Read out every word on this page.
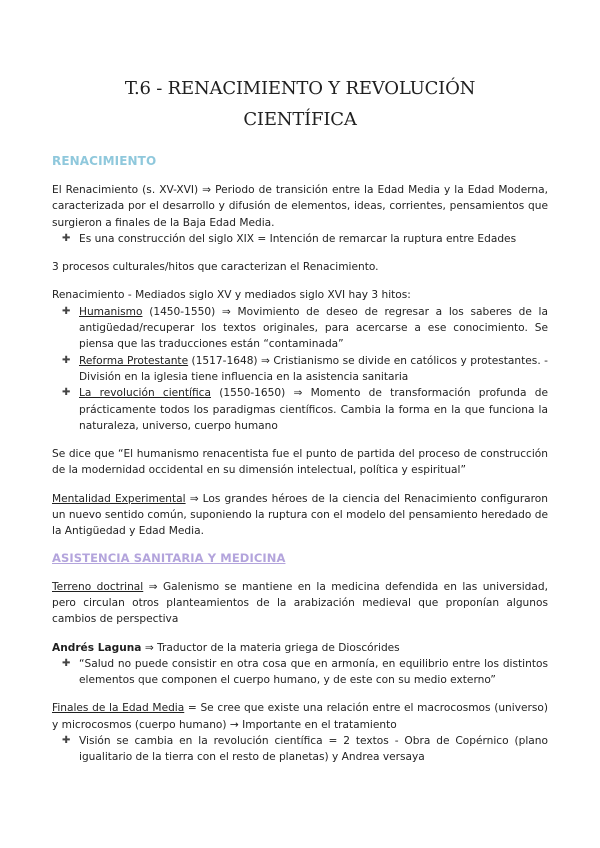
T.6 - RENACIMIENTO Y REVOLUCIÓN
CIENTÍFICA
RENACIMIENTO

El Renacimiento (s. XV-XVI) ⇒ Periodo de transición entre la Edad Media y la Edad Moderna, caracterizada por el desarrollo y difusión de elementos, ideas, corrientes, pensamientos que surgieron a finales de la Baja Edad Media.

✚ Es una construcción del siglo XIX = Intención de remarcar la ruptura entre Edades

3 procesos culturales/hitos que caracterizan el Renacimiento.

Renacimiento - Mediados siglo XV y mediados siglo XVI hay 3 hitos:

✚ Humanismo (1450-1550) ⇒ Movimiento de deseo de regresar a los saberes de la antigüedad/recuperar los textos originales, para acercarse a ese conocimiento. Se piensa que las traducciones están “contaminada”
✚ Reforma Protestante (1517-1648) ⇒ Cristianismo se divide en católicos y protestantes. - División en la iglesia tiene influencia en la asistencia sanitaria
✚ La revolución científica (1550-1650) ⇒ Momento de transformación profunda de prácticamente todos los paradigmas científicos. Cambia la forma en la que funciona la naturaleza, universo, cuerpo humano

Se dice que “El humanismo renacentista fue el punto de partida del proceso de construcción de la modernidad occidental en su dimensión intelectual, política y espiritual”

Mentalidad Experimental ⇒ Los grandes héroes de la ciencia del Renacimiento configuraron un nuevo sentido común, suponiendo la ruptura con el modelo del pensamiento heredado de la Antigüedad y Edad Media.

ASISTENCIA SANITARIA Y MEDICINA

Terreno doctrinal ⇒ Galenismo se mantiene en la medicina defendida en las universidad, pero circulan otros planteamientos de la arabización medieval que proponían algunos cambios de perspectiva

Andrés Laguna ⇒ Traductor de la materia griega de Dioscórides

✚ “Salud no puede consistir en otra cosa que en armonía, en equilibrio entre los distintos elementos que componen el cuerpo humano, y de este con su medio externo”

Finales de la Edad Media = Se cree que existe una relación entre el macrocosmos (universo) y microcosmos (cuerpo humano) → Importante en el tratamiento

✚ Visión se cambia en la revolución científica = 2 textos - Obra de Copérnico (plano igualitario de la tierra con el resto de planetas) y Andrea versaya
